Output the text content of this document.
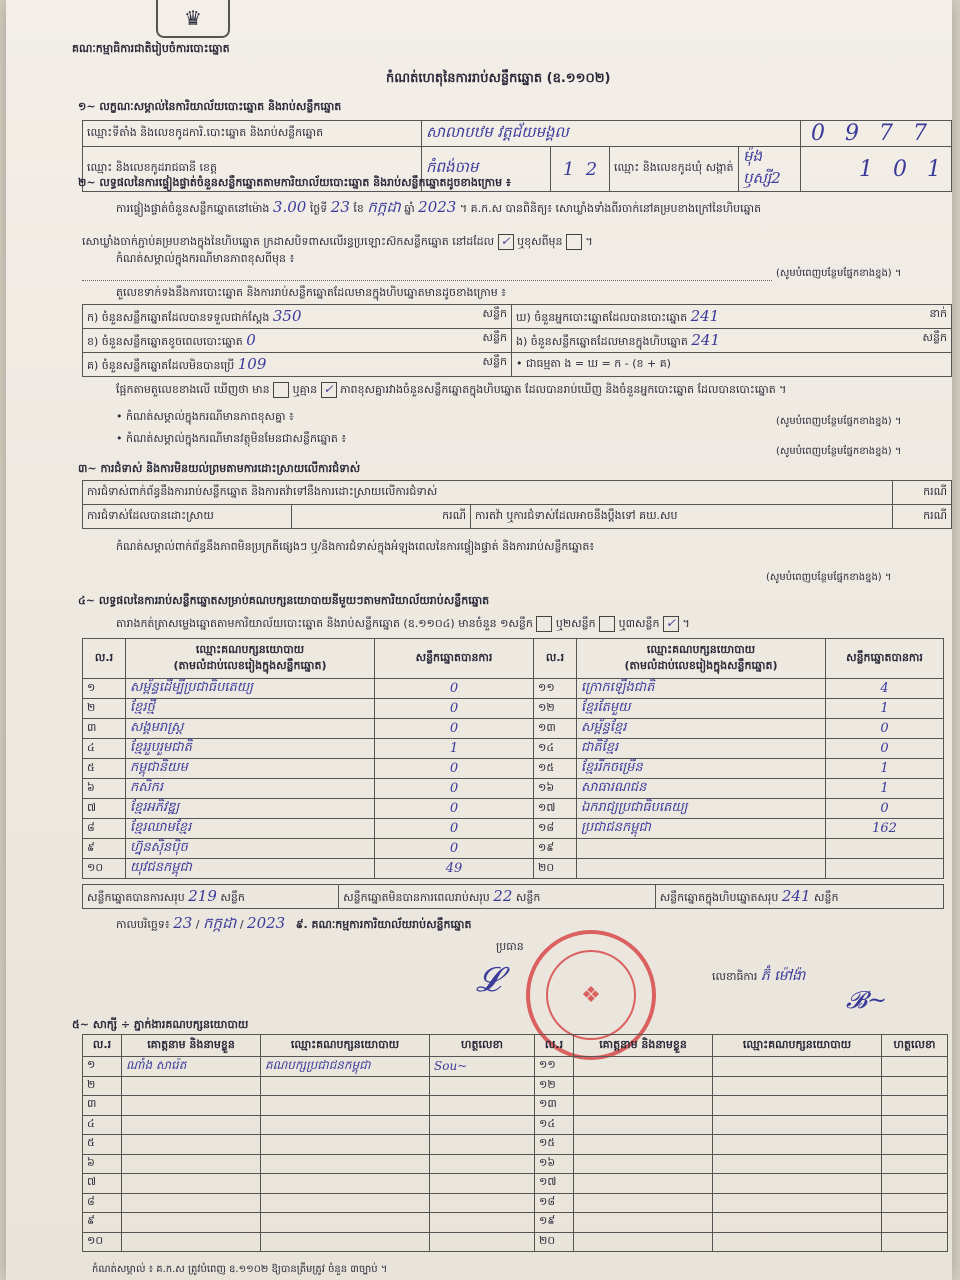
♛
គណៈកម្មាធិការជាតិរៀបចំការបោះឆ្នោត
កំណត់ហេតុនៃការរាប់សន្លឹកឆ្នោត (ឧ.១១០២)
១~ លក្ខណៈសម្គាល់នៃការិយាល័យបោះឆ្នោត និងរាប់សន្លឹកឆ្នោត
ឈ្មោះទីតាំង និងលេខកូដការិ.បោះឆ្នោត និងរាប់សន្លឹកឆ្នោត	សាលាបឋម វត្តជ័យមង្គល				0 9 7 7
ឈ្មោះ និងលេខកូដរាជធានី ខេត្ត	កំពង់ចាម	1 2	ឈ្មោះ និងលេខកូដឃុំ សង្កាត់	ម៉ុងឫស្សី2	1 0 1
២~ លទ្ធផលនៃការផ្ទៀងផ្ទាត់ចំនួនសន្លឹកឆ្នោតតាមការិយាល័យបោះឆ្នោត និងរាប់សន្លឹកឆ្នោតដូចខាងក្រោម ៖
ការផ្ទៀងផ្ទាត់ចំនួនសន្លឹកឆ្នោតនៅម៉ោង 3.00 ថ្ងៃទី 23 ខែ កក្កដា ឆ្នាំ 2023 ។ គ.ក.ស បានពិនិត្យ៖ សោឃ្លាំងទាំងពីរចាក់នៅគម្របខាងក្រៅនៃហិបឆ្នោត
សោឃ្លាំងចាក់ភ្ជាប់គម្របខាងក្នុងនៃហិបឆ្នោត ក្រដាសបិទពាសលើរន្ធប្រឡោះស៊កសន្លឹកឆ្នោត នៅដដែល ✓ ឬខុសពីមុន ។
កំណត់សម្គាល់ក្នុងករណីមានភាពខុសពីមុន ៖
(សូមបំពេញបន្ថែមផ្នែកខាងខ្នង) ។
តួលេខទាក់ទងនឹងការបោះឆ្នោត និងការរាប់សន្លឹកឆ្នោតដែលមានក្នុងហិបឆ្នោតមានដូចខាងក្រោម ៖
ក) ចំនួនសន្លឹកឆ្នោតដែលបានទទួលជាក់ស្តែង 350 សន្លឹក	ឃ) ចំនួនអ្នកបោះឆ្នោតដែលបានបោះឆ្នោត 241 នាក់

ខ) ចំនួនសន្លឹកឆ្នោតខូចពេលបោះឆ្នោត 0 សន្លឹក	ង) ចំនួនសន្លឹកឆ្នោតដែលមានក្នុងហិបឆ្នោត 241 សន្លឹក

គ) ចំនួនសន្លឹកឆ្នោតដែលមិនបានប្រើ 109 សន្លឹក	• ជាធម្មតា ង = ឃ = ក - (ខ + គ)
ផ្អែកតាមតួលេខខាងលើ ឃើញថា មាន ឬគ្មាន ✓ ភាពខុសគ្នារវាងចំនួនសន្លឹកឆ្នោតក្នុងហិបឆ្នោត ដែលបានរាប់ឃើញ និងចំនួនអ្នកបោះឆ្នោត ដែលបានបោះឆ្នោត ។
• កំណត់សម្គាល់ក្នុងករណីមានភាពខុសគ្នា ៖	(សូមបំពេញបន្ថែមផ្នែកខាងខ្នង) ។
• កំណត់សម្គាល់ក្នុងករណីមានវត្ថុមិនមែនជាសន្លឹកឆ្នោត ៖
(សូមបំពេញបន្ថែមផ្នែកខាងខ្នង) ។
៣~ ការជំទាស់ និងការមិនយល់ព្រមតាមការដោះស្រាយលើការជំទាស់
ការជំទាស់ពាក់ព័ន្ធនឹងការរាប់សន្លឹកឆ្នោត និងការតវ៉ាទៅនឹងការដោះស្រាយលើការជំទាស់			ករណី
ការជំទាស់ដែលបានដោះស្រាយ	ករណី	ការតវ៉ា ឬការជំទាស់ដែលអាចនឹងប្តឹងទៅ គឃ.សប	ករណី
កំណត់សម្គាល់ពាក់ព័ន្ធនឹងភាពមិនប្រក្រតីផ្សេងៗ ឬ/និងការជំទាស់ក្នុងអំឡុងពេលនៃការផ្ទៀងផ្ទាត់ និងការរាប់សន្លឹកឆ្នោត៖
(សូមបំពេញបន្ថែមផ្នែកខាងខ្នង) ។
៤~ លទ្ធផលនៃការរាប់សន្លឹកឆ្នោតសម្រាប់គណបក្សនយោបាយនីមួយៗតាមការិយាល័យរាប់សន្លឹកឆ្នោត
តារាងកត់ត្រាសម្លេងឆ្នោតតាមការិយាល័យបោះឆ្នោត និងរាប់សន្លឹកឆ្នោត (ឧ.១១០៤) មានចំនួន ១សន្លឹក ឬ២សន្លឹក ឬ៣សន្លឹក ✓ ។
ល.រ	ឈ្មោះគណបក្សនយោបាយ
(តាមលំដាប់លេខរៀងក្នុងសន្លឹកឆ្នោត)	សន្លឹកឆ្នោតបានការ	ល.រ	ឈ្មោះគណបក្សនយោបាយ
(តាមលំដាប់លេខរៀងក្នុងសន្លឹកឆ្នោត)	សន្លឹកឆ្នោតបានការ
១	សម្ព័ន្ធដើម្បីប្រជាធិបតេយ្យ	0	១១	ក្រោកឡើងជាតិ	4
២	ខ្មែរថ្មី	0	១២	ខ្មែរតែមួយ	1
៣	សង្គមរាស្ត្រ	0	១៣	សម្ព័ន្ធខ្មែរ	0
៤	ខ្មែររួបរួមជាតិ	1	១៤	ជាតិខ្មែរ	0
៥	កម្ពុជានិយម	0	១៥	ខ្មែររីកចម្រើន	1
៦	កសិករ	0	១៦	សាធារណជន	1
៧	ខ្មែរអភិវឌ្ឍ	0	១៧	ឯករាជ្យប្រជាធិបតេយ្យ	0
៨	ខ្មែរឈាមខ្មែរ	0	១៨	ប្រជាជនកម្ពុជា	162
៩	ហ្វ៊ុនស៊ិនប៉ិច	0	១៩		
១០	យុវជនកម្ពុជា	49	២០		
សន្លឹកឆ្នោតបានការសរុប 219 សន្លឹក	សន្លឹកឆ្នោតមិនបានការពេលរាប់សរុប 22 សន្លឹក	សន្លឹកឆ្នោតក្នុងហិបឆ្នោតសរុប 241 សន្លឹក
កាលបរិច្ឆេទ៖ 23 / កក្កដា / 2023 ៩. គណៈកម្មការការិយាល័យរាប់សន្លឹកឆ្នោត
ប្រធាន
𝓛	❖
លេខាធិការ ភ៊ំ ម៉ៅង៉ា
𝓑~
៥~ សាក្សី ÷ ភ្នាក់ងារគណបក្សនយោបាយ
ល.រ	គោត្តនាម និងនាមខ្លួន	ឈ្មោះគណបក្សនយោបាយ	ហត្ថលេខា	ល.រ	គោត្តនាម និងនាមខ្លួន	ឈ្មោះគណបក្សនយោបាយ	ហត្ថលេខា
១	ណាំង សារ៉េត	គណបក្សប្រជាជនកម្ពុជា	Sou~	១១			
២				១២			
៣				១៣			
៤				១៤			
៥				១៥			
៦				១៦			
៧				១៧			
៨				១៨			
៩				១៩			
១០				២០			
កំណត់សម្គាល់ ៖ គ.ក.ស ត្រូវបំពេញ ឧ.១១០២ ឱ្យបានត្រឹមត្រូវ ចំនួន ៣ច្បាប់ ។
